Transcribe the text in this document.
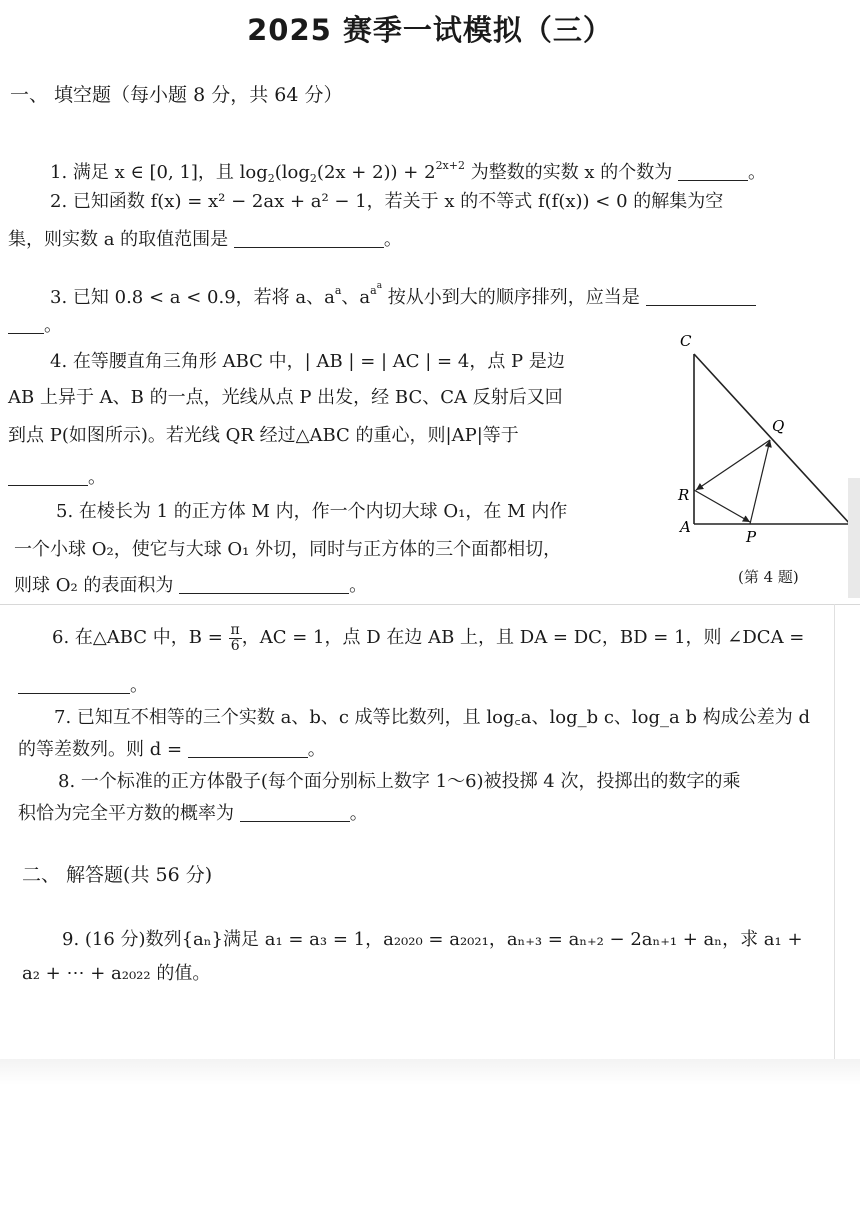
2025 赛季一试模拟（三）
一、 填空题（每小题 8 分，共 64 分）
1. 满足 x ∈ [0, 1]，且 $\log_2(\log_2(2x + 2)) + 2^{2x+2}$ 为整数的实数 x 的个数为	。
2. 已知函数 f(x) = x² − 2ax + a² − 1，若关于 x 的不等式 f(f(x)) < 0 的解集为空
集，则实数 a 的取值范围是	。
3. 已知 0.8 < a < 0.9，若将 a、$a^a$、$a^{aa}$ 按从小到大的顺序排列，应当是
。
4. 在等腰直角三角形 ABC 中，| AB | = | AC | = 4，点 P 是边
AB 上异于 A、B 的一点，光线从点 P 出发，经 BC、CA 反射后又回
到点 P(如图所示)。若光线 QR 经过△ABC 的重心，则|AP|等于
。
5. 在棱长为 1 的正方体 M 内，作一个内切大球 O₁，在 M 内作
一个小球 O₂，使它与大球 O₁ 外切，同时与正方体的三个面都相切，
则球 O₂ 的表面积为	。
C
Q
R
A
P
(第 4 题)
6. 在△ABC 中，$B = \frac{\pi}{6}$ ，AC = 1，点 D 在边 AB 上，且 DA = DC，BD = 1，则 ∠DCA =
。
7. 已知互不相等的三个实数 a、b、c 成等比数列，且 log꜀a、log_b c、log_a b 构成公差为 d
的等差数列。则 d =	。
8. 一个标准的正方体骰子(每个面分别标上数字 1～6)被投掷 4 次，投掷出的数字的乘
积恰为完全平方数的概率为	。
二、 解答题(共 56 分)
9. (16 分)数列{aₙ}满足 a₁ = a₃ = 1，a₂₀₂₀ = a₂₀₂₁，aₙ₊₃ = aₙ₊₂ − 2aₙ₊₁ + aₙ，求 a₁ +
a₂ + ⋯ + a₂₀₂₂ 的值。
